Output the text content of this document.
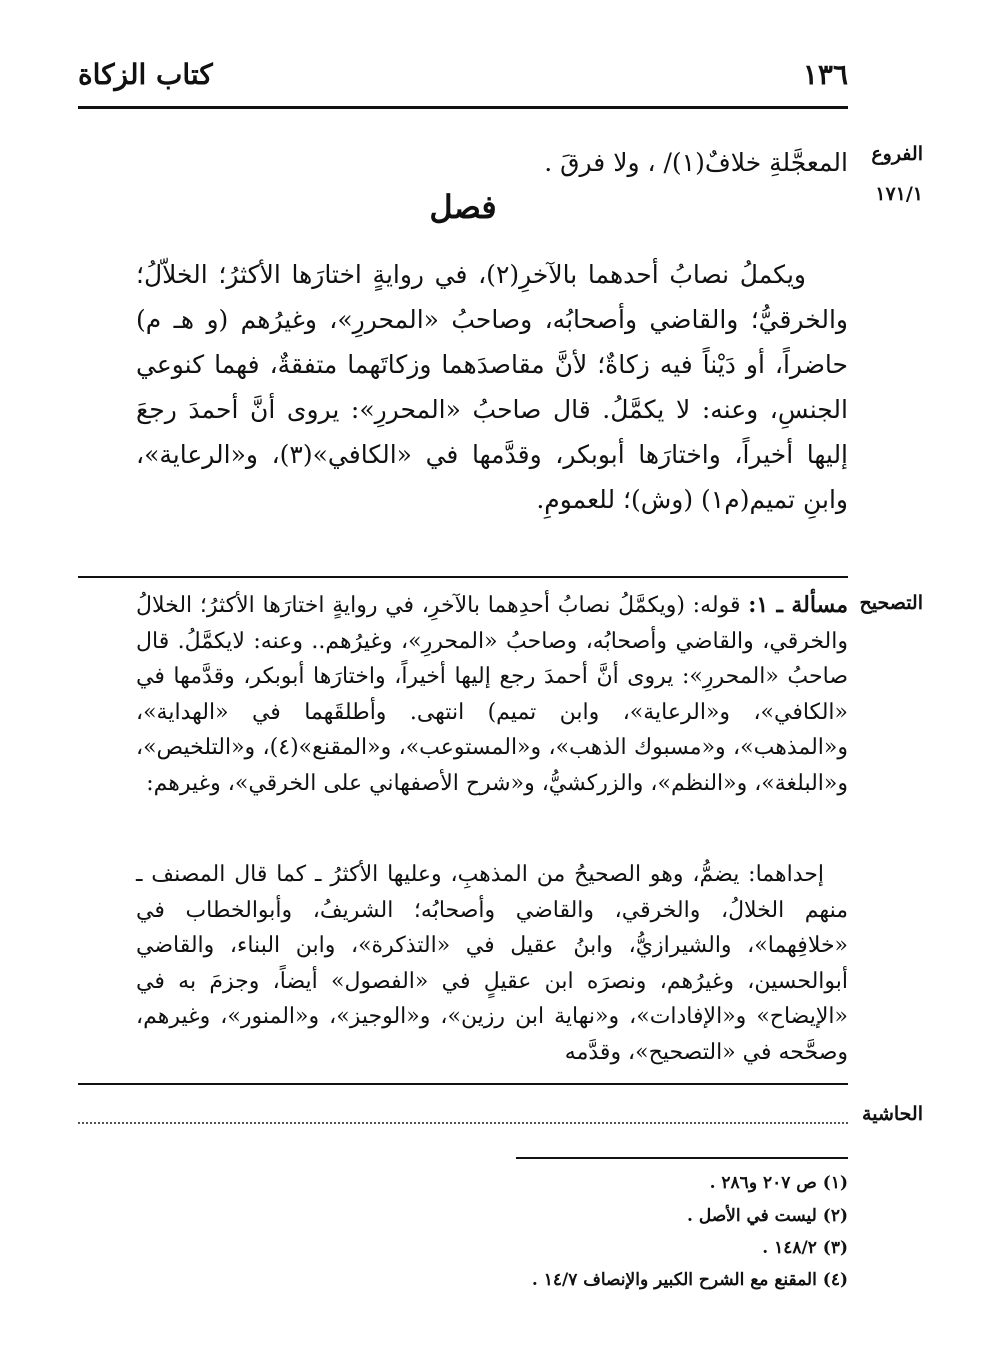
١٣٦
كتاب الزكاة
الفروع
١٧١/١
التصحيح
الحاشية
المعجَّلةِ خلافٌ(١)/ ، ولا فرقَ .
فصل
ويكملُ نصابُ أحدهما بالآخرِ(٢)، في روايةٍ اختارَها الأكثرُ؛ الخلاّلُ؛ والخرقيُّ؛ والقاضي وأصحابُه، وصاحبُ «المحررِ»، وغيرُهم (و هـ م) حاضراً، أو دَيْناً فيه زكاةٌ؛ لأنَّ مقاصدَهما وزكاتَهما متفقةٌ، فهما كنوعي الجنسِ، وعنه: لا يكمَّلُ. قال صاحبُ «المحررِ»: يروى أنَّ أحمدَ رجعَ إليها أخيراً، واختارَها أبوبكر، وقدَّمها في «الكافي»(٣)، و«الرعاية»، وابنِ تميم(م١) (وش)؛ للعمومِ.
مسألة ـ ١: قوله: (ويكمَّلُ نصابُ أحدِهما بالآخرِ، في روايةٍ اختارَها الأكثرُ؛ الخلالُ والخرقي، والقاضي وأصحابُه، وصاحبُ «المحررِ»، وغيرُهم.. وعنه: لايكمَّلُ. قال صاحبُ «المحررِ»: يروى أنَّ أحمدَ رجع إليها أخيراً، واختارَها أبوبكر، وقدَّمها في «الكافي»، و«الرعاية»، وابن تميم) انتهى. وأطلقَهما في «الهداية»، و«المذهب»، و«مسبوك الذهب»، و«المستوعب»، و«المقنع»(٤)، و«التلخيص»، و«البلغة»، و«النظم»، والزركشيُّ، و«شرح الأصفهاني على الخرقي»، وغيرهم:
إحداهما: يضمُّ، وهو الصحيحُ من المذهبِ، وعليها الأكثرُ ـ كما قال المصنف ـ منهم الخلالُ، والخرقي، والقاضي وأصحابُه؛ الشريفُ، وأبوالخطاب في «خلافِهما»، والشيرازيُّ، وابنُ عقيل في «التذكرة»، وابن البناء، والقاضي أبوالحسين، وغيرُهم، ونصرَه ابن عقيلٍ في «الفصول» أيضاً، وجزمَ به في «الإيضاح» و«الإفادات»، و«نهاية ابن رزين»، و«الوجيز»، و«المنور»، وغيرهم، وصحَّحه في «التصحيح»، وقدَّمه
(١) ص ٢٠٧ و٢٨٦ .
(٢) ليست في الأصل .
(٣) ١٤٨/٢ .
(٤) المقنع مع الشرح الكبير والإنصاف ١٤/٧ .
